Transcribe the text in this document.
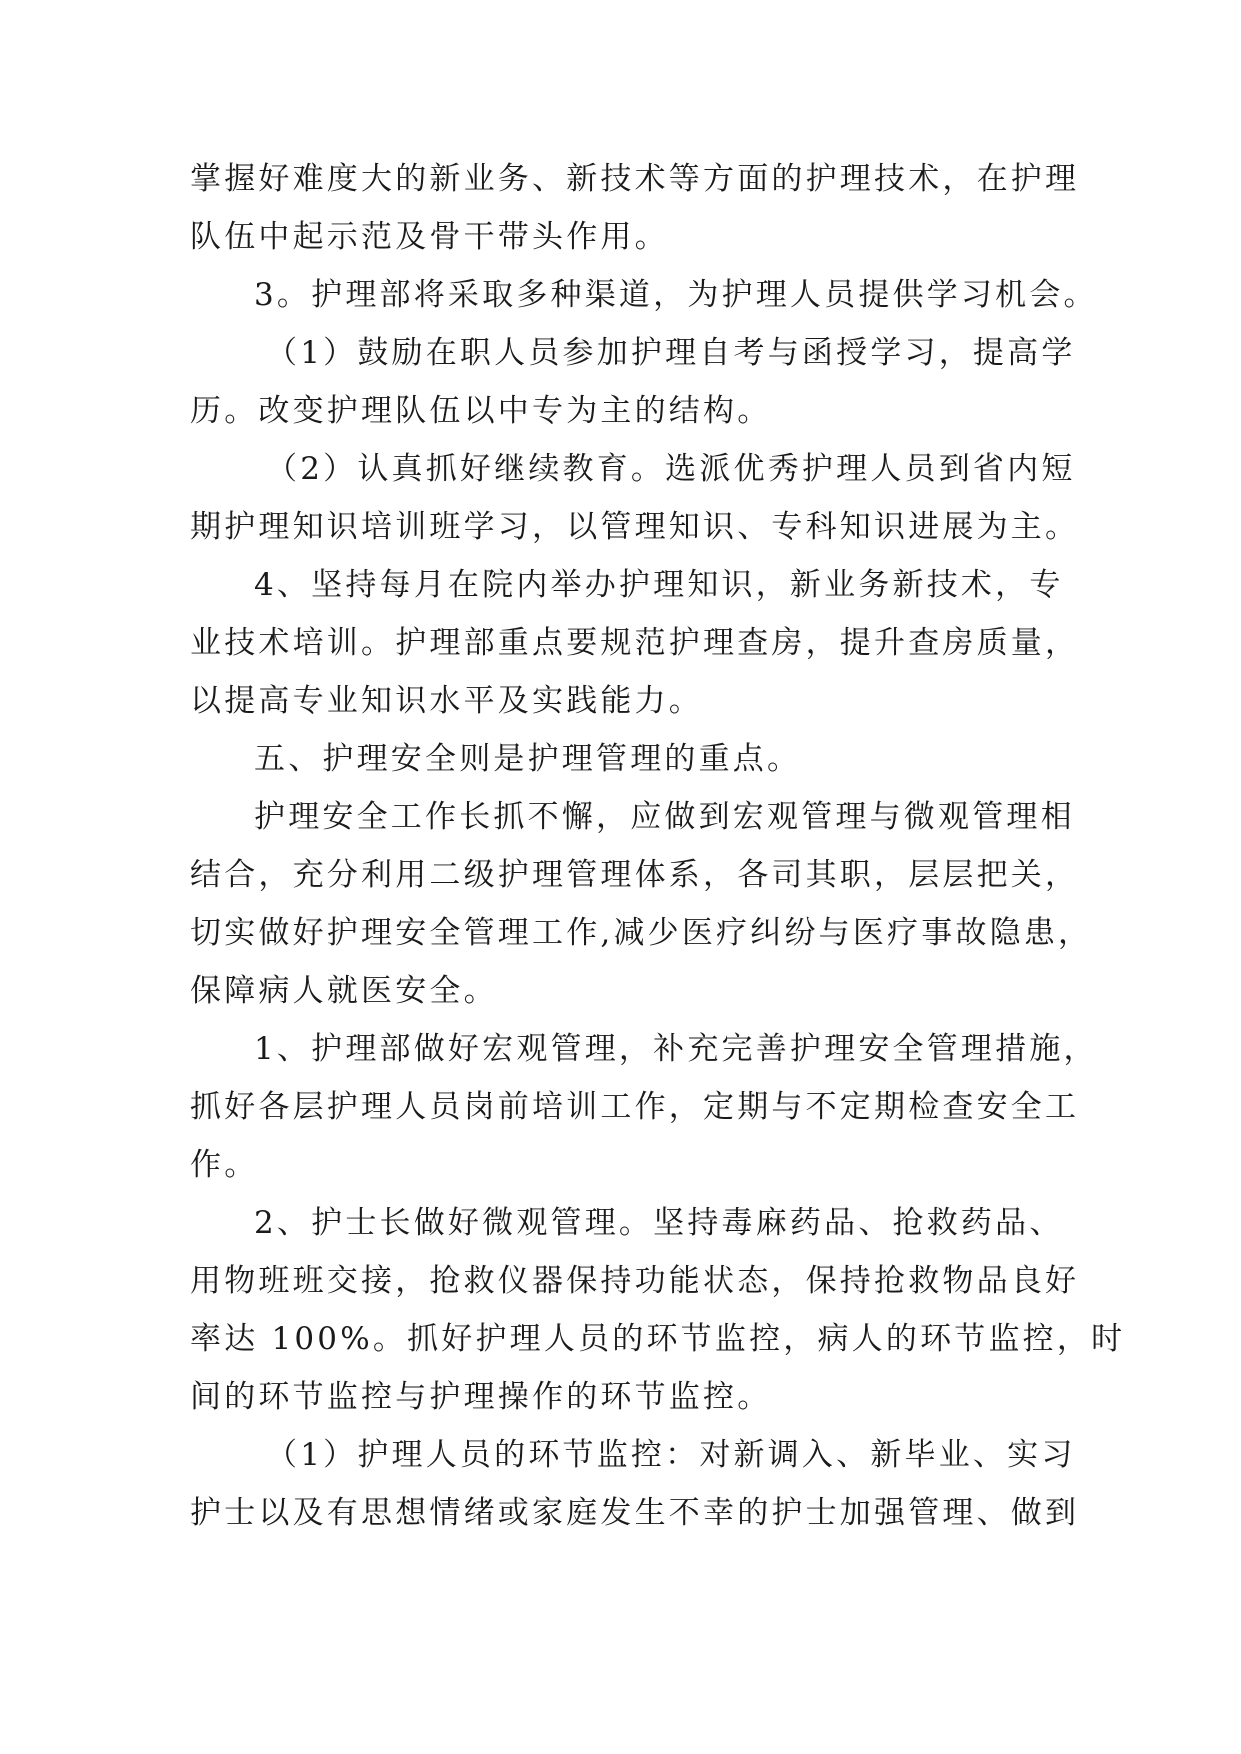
掌握好难度大的新业务、新技术等方面的护理技术，在护理

队伍中起示范及骨干带头作用。

3。护理部将采取多种渠道，为护理人员提供学习机会。

（1）鼓励在职人员参加护理自考与函授学习，提高学

历。改变护理队伍以中专为主的结构。

（2）认真抓好继续教育。选派优秀护理人员到省内短

期护理知识培训班学习，以管理知识、专科知识进展为主。

4、坚持每月在院内举办护理知识，新业务新技术，专

业技术培训。护理部重点要规范护理查房，提升查房质量，

以提高专业知识水平及实践能力。

五、护理安全则是护理管理的重点。

护理安全工作长抓不懈，应做到宏观管理与微观管理相

结合，充分利用二级护理管理体系，各司其职，层层把关，

切实做好护理安全管理工作,减少医疗纠纷与医疗事故隐患，

保障病人就医安全。

1、护理部做好宏观管理，补充完善护理安全管理措施，

抓好各层护理人员岗前培训工作，定期与不定期检查安全工

作。

2、护士长做好微观管理。坚持毒麻药品、抢救药品、

用物班班交接，抢救仪器保持功能状态，保持抢救物品良好

率达 100%。抓好护理人员的环节监控，病人的环节监控，时

间的环节监控与护理操作的环节监控。

（1）护理人员的环节监控：对新调入、新毕业、实习

护士以及有思想情绪或家庭发生不幸的护士加强管理、做到
